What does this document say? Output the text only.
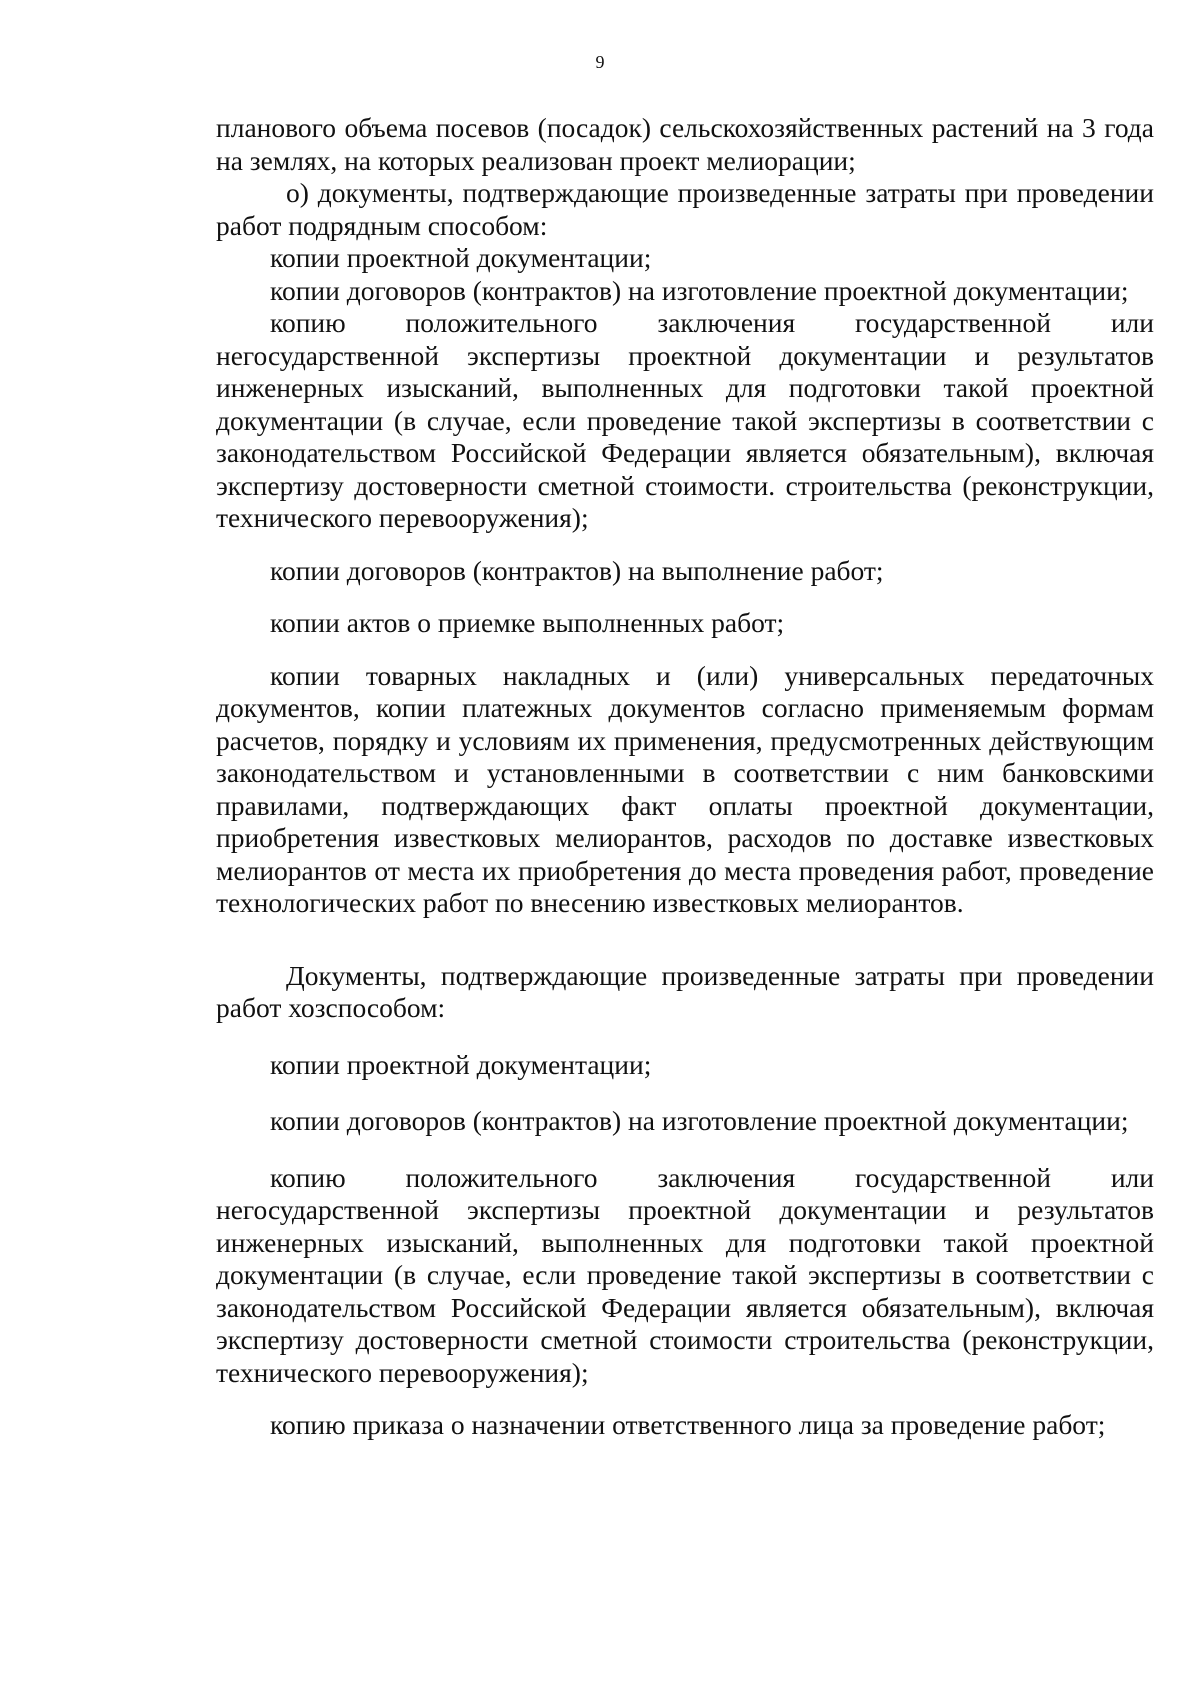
9

планового объема посевов (посадок) сельскохозяйственных растений на 3 года на землях, на которых реализован проект мелиорации;

о) документы, подтверждающие произведенные затраты при проведении работ подрядным способом:

копии проектной документации;

копии договоров (контрактов) на изготовление проектной документации;

копию положительного заключения государственной или негосударственной экспертизы проектной документации и результатов инженерных изысканий, выполненных для подготовки такой проектной документации (в случае, если проведение такой экспертизы в соответствии с законодательством Российской Федерации является обязательным), включая экспертизу достоверности сметной стоимости. строительства (реконструкции, технического перевооружения);

копии договоров (контрактов) на выполнение работ;

копии актов о приемке выполненных работ;

копии товарных накладных и (или) универсальных передаточных документов, копии платежных документов согласно применяемым формам расчетов, порядку и условиям их применения, предусмотренных действующим законодательством и установленными в соответствии с ним банковскими правилами, подтверждающих факт оплаты проектной документации, приобретения известковых мелиорантов, расходов по доставке известковых мелиорантов от места их приобретения до места проведения работ, проведение технологических работ по внесению известковых мелиорантов.

Документы, подтверждающие произведенные затраты при проведении работ хозспособом:

копии проектной документации;

копии договоров (контрактов) на изготовление проектной документации;

копию положительного заключения государственной или негосударственной экспертизы проектной документации и результатов инженерных изысканий, выполненных для подготовки такой проектной документации (в случае, если проведение такой экспертизы в соответствии с законодательством Российской Федерации является обязательным), включая экспертизу достоверности сметной стоимости строительства (реконструкции, технического перевооружения);

копию приказа о назначении ответственного лица за проведение работ;
